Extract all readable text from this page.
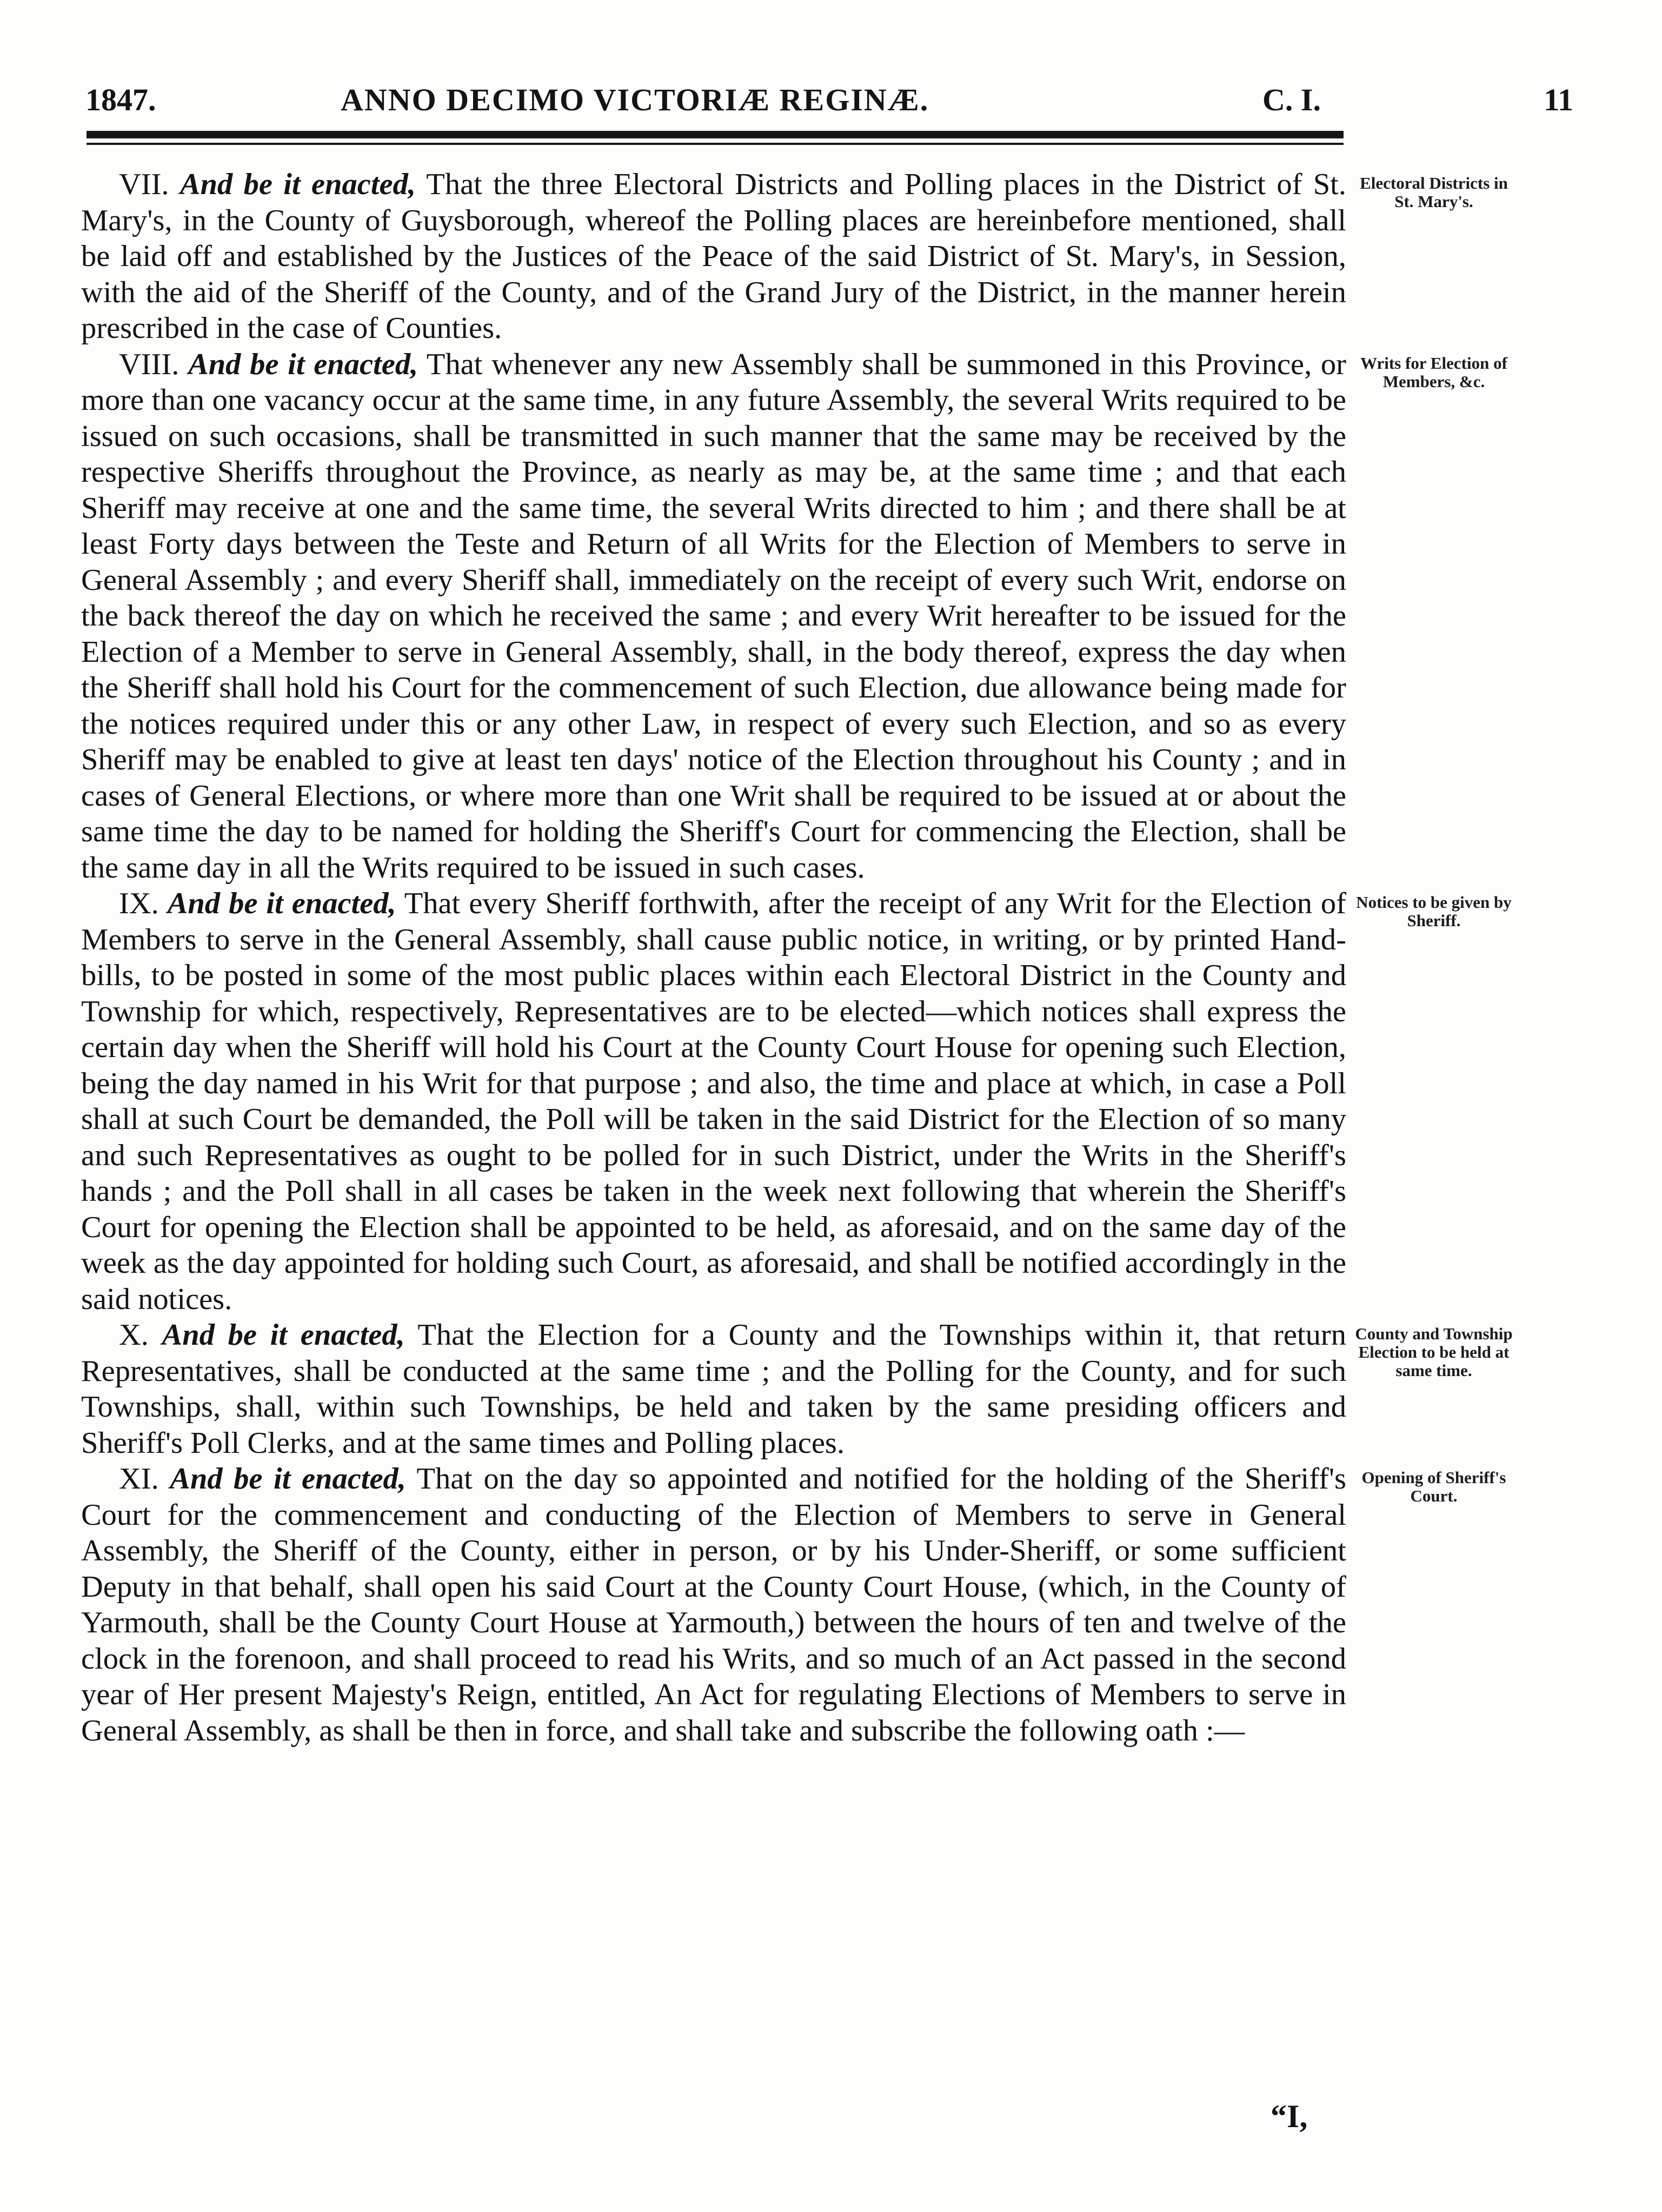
1847.	ANNO DECIMO VICTORIÆ REGINÆ.	C. I.	11

VII. And be it enacted, That the three Electoral Districts and Polling places in the District of St. Mary's, in the County of Guysborough, whereof the Polling places are hereinbefore mentioned, shall be laid off and established by the Justices of the Peace of the said District of St. Mary's, in Session, with the aid of the Sheriff of the County, and of the Grand Jury of the District, in the manner herein prescribed in the case of Counties.
Electoral Districts in St. Mary's.

VIII. And be it enacted, That whenever any new Assembly shall be summoned in this Province, or more than one vacancy occur at the same time, in any future Assembly, the several Writs required to be issued on such occasions, shall be transmitted in such manner that the same may be received by the respective Sheriffs throughout the Province, as nearly as may be, at the same time ; and that each Sheriff may receive at one and the same time, the several Writs directed to him ; and there shall be at least Forty days between the Teste and Return of all Writs for the Election of Members to serve in General Assembly ; and every Sheriff shall, immediately on the receipt of every such Writ, endorse on the back thereof the day on which he received the same ; and every Writ hereafter to be issued for the Election of a Member to serve in General Assembly, shall, in the body thereof, express the day when the Sheriff shall hold his Court for the commencement of such Election, due allowance being made for the notices required under this or any other Law, in respect of every such Election, and so as every Sheriff may be enabled to give at least ten days' notice of the Election throughout his County ; and in cases of General Elections, or where more than one Writ shall be required to be issued at or about the same time the day to be named for holding the Sheriff's Court for commencing the Election, shall be the same day in all the Writs required to be issued in such cases.
Writs for Election of Members, &c.

IX. And be it enacted, That every Sheriff forthwith, after the receipt of any Writ for the Election of Members to serve in the General Assembly, shall cause public notice, in writing, or by printed Hand-bills, to be posted in some of the most public places within each Electoral District in the County and Township for which, respectively, Representatives are to be elected—which notices shall express the certain day when the Sheriff will hold his Court at the County Court House for opening such Election, being the day named in his Writ for that purpose ; and also, the time and place at which, in case a Poll shall at such Court be demanded, the Poll will be taken in the said District for the Election of so many and such Representatives as ought to be polled for in such District, under the Writs in the Sheriff's hands ; and the Poll shall in all cases be taken in the week next following that wherein the Sheriff's Court for opening the Election shall be appointed to be held, as aforesaid, and on the same day of the week as the day appointed for holding such Court, as aforesaid, and shall be notified accordingly in the said notices.
Notices to be given by Sheriff.

X. And be it enacted, That the Election for a County and the Townships within it, that return Representatives, shall be conducted at the same time ; and the Polling for the County, and for such Townships, shall, within such Townships, be held and taken by the same presiding officers and Sheriff's Poll Clerks, and at the same times and Polling places.
County and Township Election to be held at same time.

XI. And be it enacted, That on the day so appointed and notified for the holding of the Sheriff's Court for the commencement and conducting of the Election of Members to serve in General Assembly, the Sheriff of the County, either in person, or by his Under-Sheriff, or some sufficient Deputy in that behalf, shall open his said Court at the County Court House, (which, in the County of Yarmouth, shall be the County Court House at Yarmouth,) between the hours of ten and twelve of the clock in the forenoon, and shall proceed to read his Writs, and so much of an Act passed in the second year of Her present Majesty's Reign, entitled, An Act for regulating Elections of Members to serve in General Assembly, as shall be then in force, and shall take and subscribe the following oath :—
Opening of Sheriff's Court.

“I,
